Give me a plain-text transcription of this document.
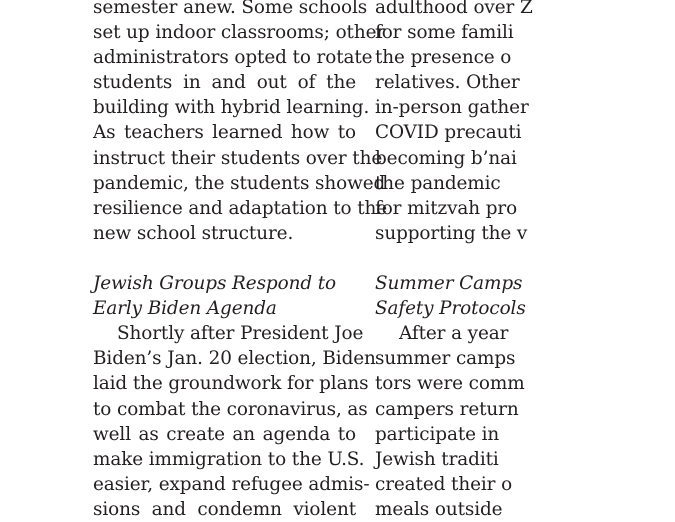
semester anew. Some schools
set up indoor classrooms; other
administrators opted to rotate
students in and out of the
building with hybrid learning.
As teachers learned how to
instruct their students over the
pandemic, the students showed
resilience and adaptation to the
new school structure.
Jewish Groups Respond to
Early Biden Agenda
Shortly after President Joe
Biden’s Jan. 20 election, Biden
laid the groundwork for plans
to combat the coronavirus, as
well as create an agenda to
make immigration to the U.S.
easier, expand refugee admis-
sions and condemn violent
adulthood over Z
for some famili
the presence o
relatives. Other
in-person gather
COVID precauti
becoming b’nai
the pandemic
for mitzvah pro
supporting the v
Summer Camps
Safety Protocols
After a year
summer camps
tors were comm
campers return
participate in
Jewish traditi
created their o
meals outside
